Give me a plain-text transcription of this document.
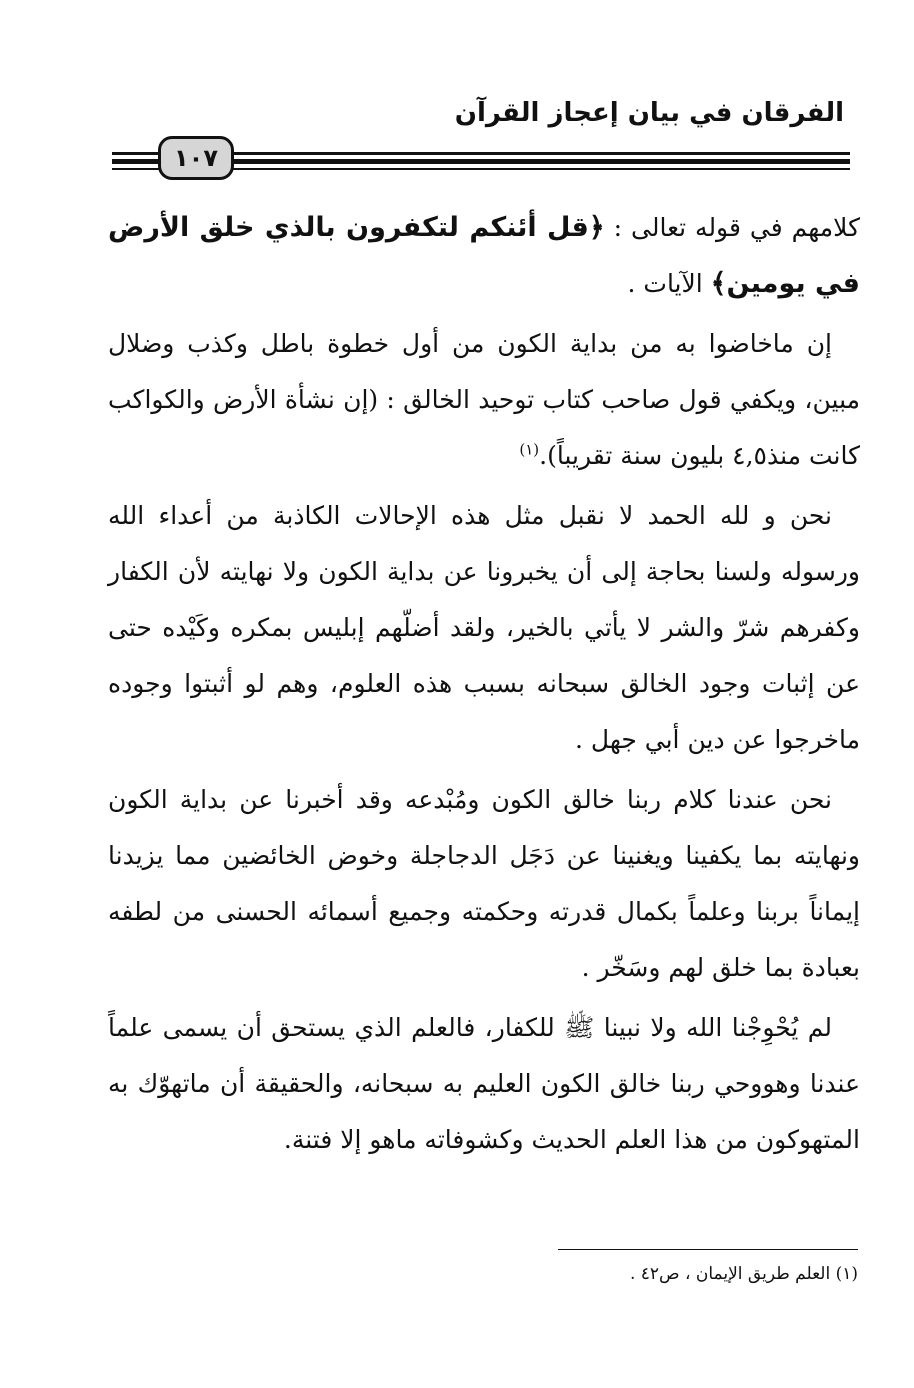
الفرقان في بيان إعجاز القرآن
١٠٧

كلامهم في قوله تعالى : ﴿قل أئنكم لتكفرون بالذي خلق الأرض في يومين﴾ الآيات .

إن ماخاضوا به من بداية الكون من أول خطوة باطل وكذب وضلال مبين، ويكفي قول صاحب كتاب توحيد الخالق : (إن نشأة الأرض والكواكب كانت منذ٤,٥ بليون سنة تقريباً).$^{(١)}$

نحن و لله الحمد لا نقبل مثل هذه الإحالات الكاذبة من أعداء الله ورسوله ولسنا بحاجة إلى أن يخبرونا عن بداية الكون ولا نهايته لأن الكفار وكفرهم شرّ والشر لا يأتي بالخير، ولقد أضلّهم إبليس بمكره وكَيْده حتى عن إثبات وجود الخالق سبحانه بسبب هذه العلوم، وهم لو أثبتوا وجوده ماخرجوا عن دين أبي جهل .

نحن عندنا كلام ربنا خالق الكون ومُبْدعه وقد أخبرنا عن بداية الكون ونهايته بما يكفينا ويغنينا عن دَجَل الدجاجلة وخوض الخائضين مما يزيدنا إيماناً بربنا وعلماً بكمال قدرته وحكمته وجميع أسمائه الحسنى من لطفه بعبادة بما خلق لهم وسَخّر .

لم يُحْوِجْنا الله ولا نبينا ﷺ للكفار، فالعلم الذي يستحق أن يسمى علماً عندنا وهووحي ربنا خالق الكون العليم به سبحانه، والحقيقة أن ماتهوّك به المتهوكون من هذا العلم الحديث وكشوفاته ماهو إلا فتنة.

(١) العلم طريق الإيمان ، ص٤٢ .
